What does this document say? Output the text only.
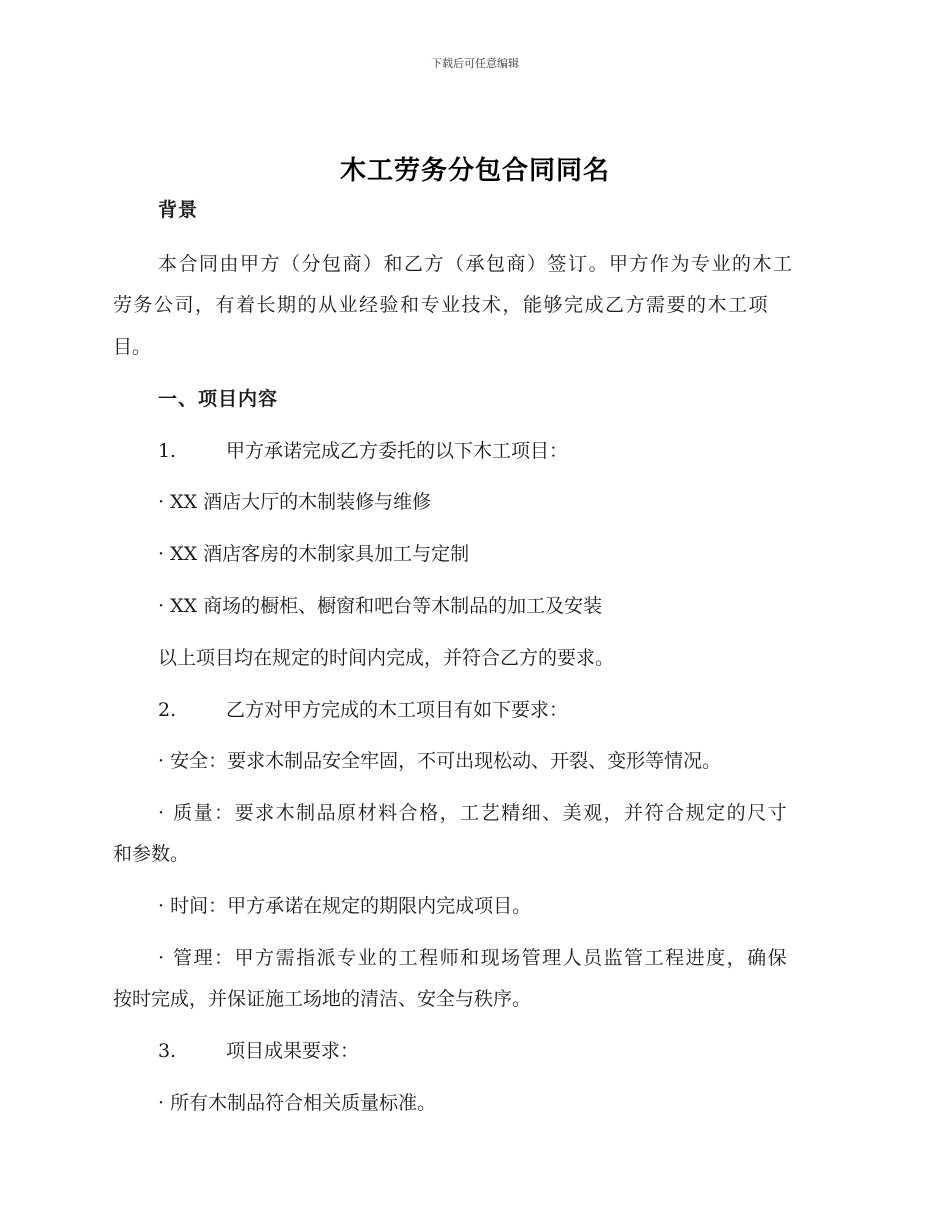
下载后可任意编辑
木工劳务分包合同同名
背景
本合同由甲方（分包商）和乙方（承包商）签订。甲方作为专业的木工
劳务公司，有着长期的从业经验和专业技术，能够完成乙方需要的木工项
目。
一、项目内容
1.	甲方承诺完成乙方委托的以下木工项目：
· XX 酒店大厅的木制装修与维修
· XX 酒店客房的木制家具加工与定制
· XX 商场的橱柜、橱窗和吧台等木制品的加工及安装
以上项目均在规定的时间内完成，并符合乙方的要求。
2.	乙方对甲方完成的木工项目有如下要求：
· 安全：要求木制品安全牢固，不可出现松动、开裂、变形等情况。
· 质量：要求木制品原材料合格，工艺精细、美观，并符合规定的尺寸
和参数。
· 时间：甲方承诺在规定的期限内完成项目。
· 管理：甲方需指派专业的工程师和现场管理人员监管工程进度，确保
按时完成，并保证施工场地的清洁、安全与秩序。
3.	项目成果要求：
· 所有木制品符合相关质量标准。
